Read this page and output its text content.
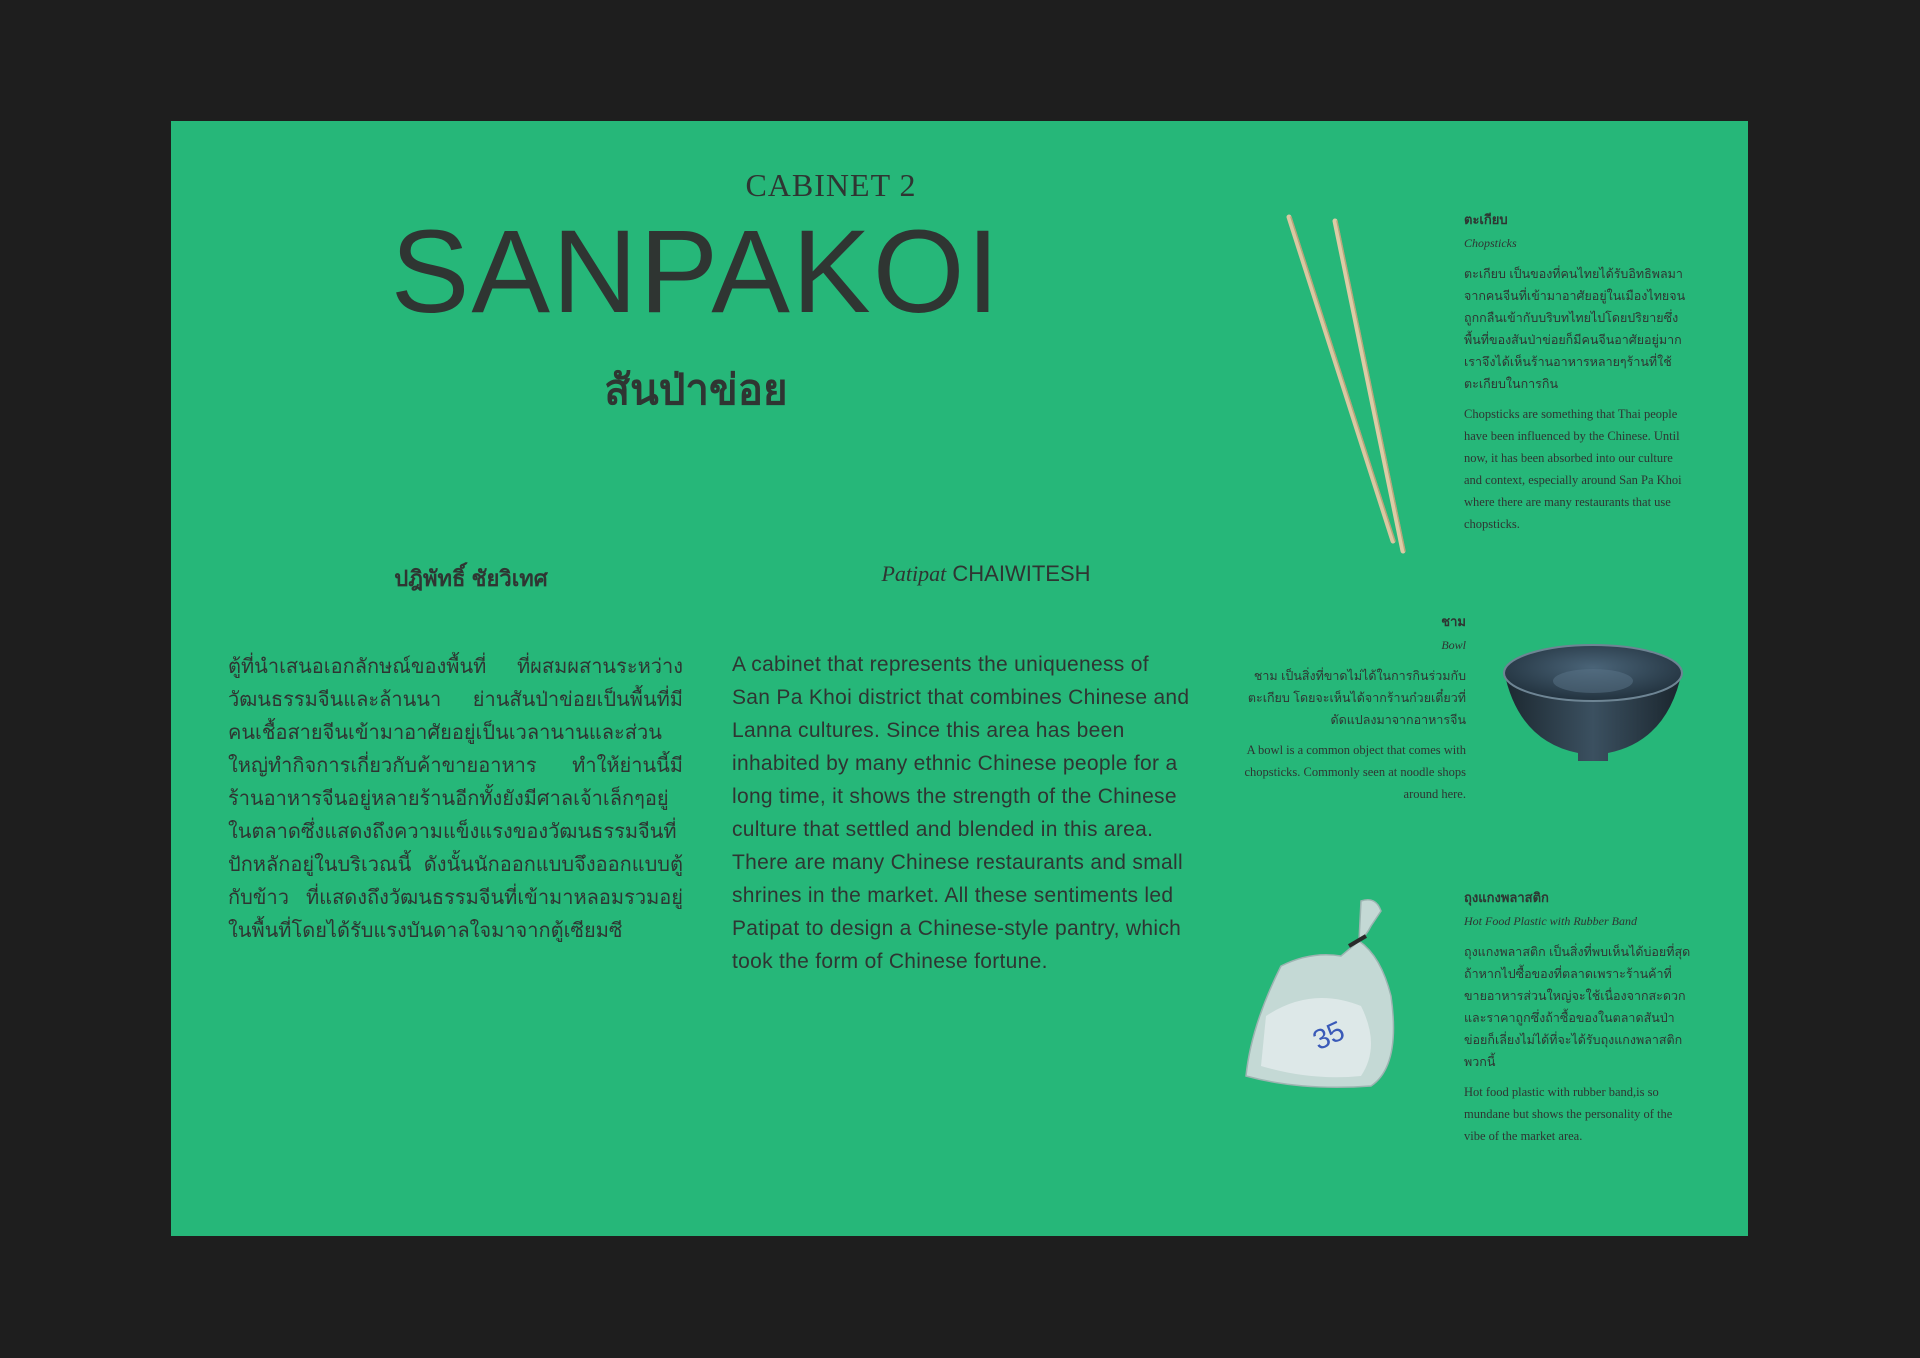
CABINET 2
SANPAKOI
สันป่าข่อย
ปฎิพัทธิ์ ชัยวิเทศ	Patipat CHAIWITESH
ตู้ที่นำเสนอเอกลักษณ์ของพื้นที่ ที่ผสมผสานระหว่างวัฒนธรรมจีนและล้านนา ย่านสันป่าข่อยเป็นพื้นที่มีคนเชื้อสายจีนเข้ามาอาศัยอยู่เป็นเวลานานและส่วนใหญ่ทำกิจการเกี่ยวกับค้าขายอาหาร ทำให้ย่านนี้มีร้านอาหารจีนอยู่หลายร้านอีกทั้งยังมีศาลเจ้าเล็กๆอยู่ในตลาดซึ่งแสดงถึงความแข็งแรงของวัฒนธรรมจีนที่ปักหลักอยู่ในบริเวณนี้ ดังนั้นนักออกแบบจึงออกแบบตู้กับข้าว ที่แสดงถึงวัฒนธรรมจีนที่เข้ามาหลอมรวมอยู่ในพื้นที่โดยได้รับแรงบันดาลใจมาจากตู้เซียมซี
A cabinet that represents the uniqueness of San Pa Khoi district that combines Chinese and Lanna cultures. Since this area has been inhabited by many ethnic Chinese people for a long time, it shows the strength of the Chinese culture that settled and blended in this area. There are many Chinese restaurants and small shrines in the market. All these sentiments led Patipat to design a Chinese-style pantry, which took the form of Chinese fortune.
ตะเกียบ
Chopsticks
ตะเกียบ เป็นของที่คนไทยได้รับอิทธิพลมาจากคนจีนที่เข้ามาอาศัยอยู่ในเมืองไทยจนถูกกลืนเข้ากับบริบทไทยไปโดยปริยายซึ่งพื้นที่ของสันป่าข่อยก็มีคนจีนอาศัยอยู่มากเราจึงได้เห็นร้านอาหารหลายๆร้านที่ใช้ตะเกียบในการกิน
Chopsticks are something that Thai people have been influenced by the Chinese. Until now, it has been absorbed into our culture and context, especially around San Pa Khoi where there are many restaurants that use chopsticks.
ชาม
Bowl
ชาม เป็นสิ่งที่ขาดไม่ได้ในการกินร่วมกับตะเกียบ โดยจะเห็นได้จากร้านก๋วยเตี๋ยวที่ดัดแปลงมาจากอาหารจีน
A bowl is a common object that comes with chopsticks. Commonly seen at noodle shops around here.
35
ถุงแกงพลาสติก
Hot Food Plastic with Rubber Band
ถุงแกงพลาสติก เป็นสิ่งที่พบเห็นได้บ่อยที่สุดถ้าหากไปซื้อของที่ตลาดเพราะร้านค้าที่ขายอาหารส่วนใหญ่จะใช้เนื่องจากสะดวกและราคาถูกซึ่งถ้าซื้อของในตลาดสันป่าข่อยก็เลี่ยงไม่ได้ที่จะได้รับถุงแกงพลาสติกพวกนี้
Hot food plastic with rubber band,is so mundane but shows the personality of the vibe of the market area.
